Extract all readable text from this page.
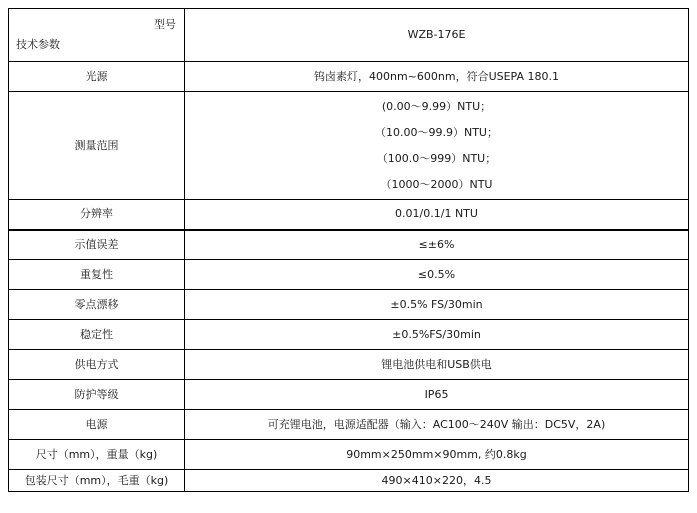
型号
技术参数	WZB-176E
光源	钨卤素灯，400nm~600nm，符合USEPA 180.1
测量范围	(0.00～9.99）NTU；
（10.00～99.9）NTU；
（100.0～999）NTU；
（1000～2000）NTU

分辨率	0.01/0.1/1 NTU
示值误差	≤±6%
重复性	≤0.5%
零点漂移	±0.5% FS/30min
稳定性	±0.5%FS/30min
供电方式	锂电池供电和USB供电
防护等级	IP65
电源	可充锂电池，电源适配器（输入：AC100～240V 输出：DC5V，2A)
尺寸（mm），重量（kg)	90mm×250mm×90mm, 约0.8kg
包装尺寸（mm），毛重（kg)	490×410×220，4.5
